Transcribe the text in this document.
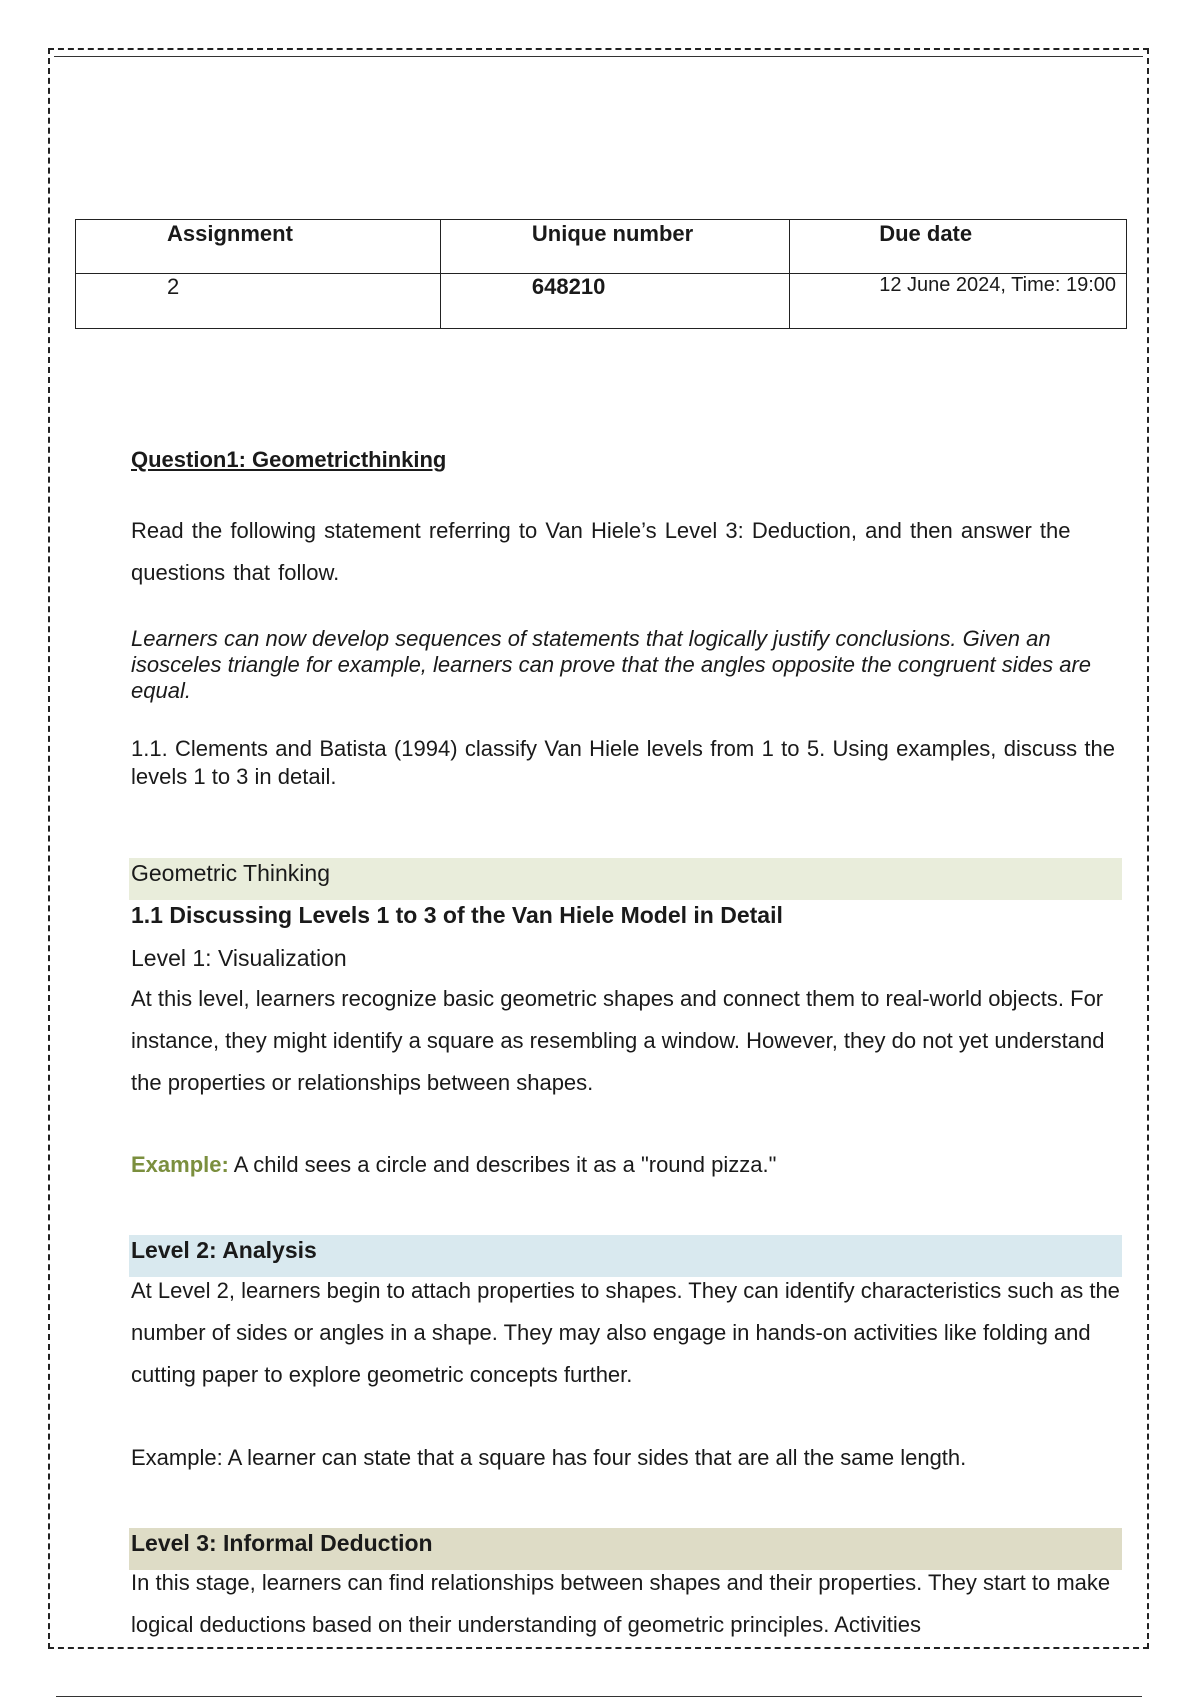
Assignment	Unique number	Due date
2	648210	12 June 2024, Time: 19:00
Question1: Geometricthinking
Read the following statement referring to Van Hiele’s Level 3: Deduction, and then answer the questions that follow.
Learners can now develop sequences of statements that logically justify conclusions. Given an isosceles triangle for example, learners can prove that the angles opposite the congruent sides are equal.
1.1. Clements and Batista (1994) classify Van Hiele levels from 1 to 5. Using examples, discuss the levels 1 to 3 in detail.
Geometric Thinking
1.1 Discussing Levels 1 to 3 of the Van Hiele Model in Detail
Level 1: Visualization
At this level, learners recognize basic geometric shapes and connect them to real-world objects. For instance, they might identify a square as resembling a window. However, they do not yet understand the properties or relationships between shapes.
Example: A child sees a circle and describes it as a "round pizza."
Level 2: Analysis
At Level 2, learners begin to attach properties to shapes. They can identify characteristics such as the number of sides or angles in a shape. They may also engage in hands-on activities like folding and cutting paper to explore geometric concepts further.
Example: A learner can state that a square has four sides that are all the same length.
Level 3: Informal Deduction
In this stage, learners can find relationships between shapes and their properties. They start to make logical deductions based on their understanding of geometric principles. Activities
